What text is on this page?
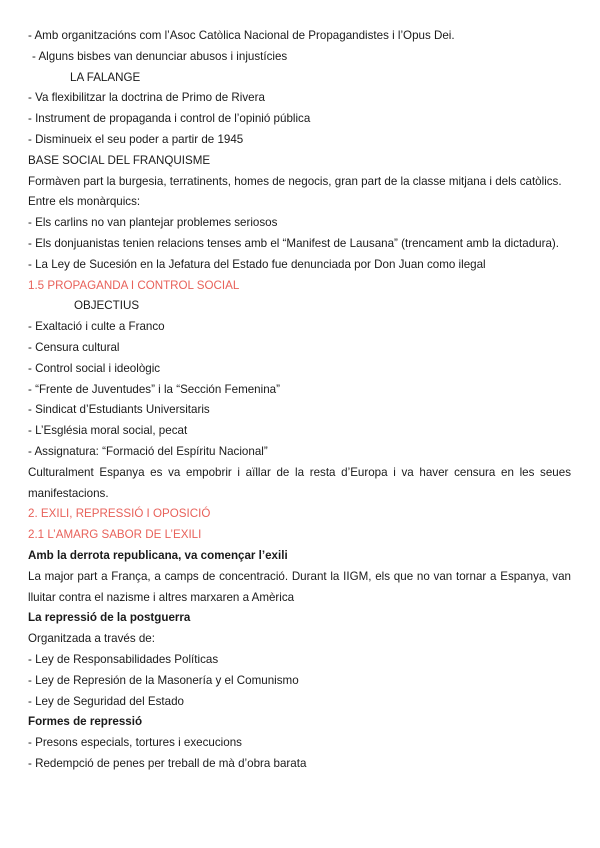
- Amb organitzacións com l’Asoc Catòlica Nacional de Propagandistes i l’Opus Dei.
- Alguns bisbes van denunciar abusos i injustícies
LA FALANGE
- Va flexibilitzar la doctrina de Primo de Rivera
- Instrument de propaganda i control de l’opinió pública
- Disminueix el seu poder a partir de 1945
BASE SOCIAL DEL FRANQUISME
Formàven part la burgesia, terratinents, homes de negocis, gran part de la classe mitjana i dels catòlics.
Entre els monàrquics:
- Els carlins no van plantejar problemes seriosos
- Els donjuanistas tenien relacions tenses amb el “Manifest de Lausana” (trencament amb la dictadura).
- La Ley de Sucesión en la Jefatura del Estado fue denunciada por Don Juan como ilegal
1.5 PROPAGANDA I CONTROL SOCIAL
OBJECTIUS
- Exaltació i culte a Franco
- Censura cultural
- Control social i ideològic
- “Frente de Juventudes” i la “Sección Femenina”
- Sindicat d’Estudiants Universitaris
- L’Església moral social, pecat
- Assignatura: “Formació del Espíritu Nacional”
Culturalment Espanya es va empobrir i aïllar de la resta d’Europa i va haver censura en les seues manifestacions.
2. EXILI, REPRESSIÓ I OPOSICIÓ
2.1 L’AMARG SABOR DE L’EXILI
Amb la derrota republicana, va començar l’exili
La major part a França, a camps de concentració. Durant la IIGM, els que no van tornar a Espanya, van lluitar contra el nazisme i altres marxaren a Amèrica
La repressió de la postguerra
Organitzada a través de:
- Ley de Responsabilidades Políticas
- Ley de Represión de la Masonería y el Comunismo
- Ley de Seguridad del Estado
Formes de repressió
- Presons especials, tortures i execucions
- Redempció de penes per treball de mà d’obra barata
